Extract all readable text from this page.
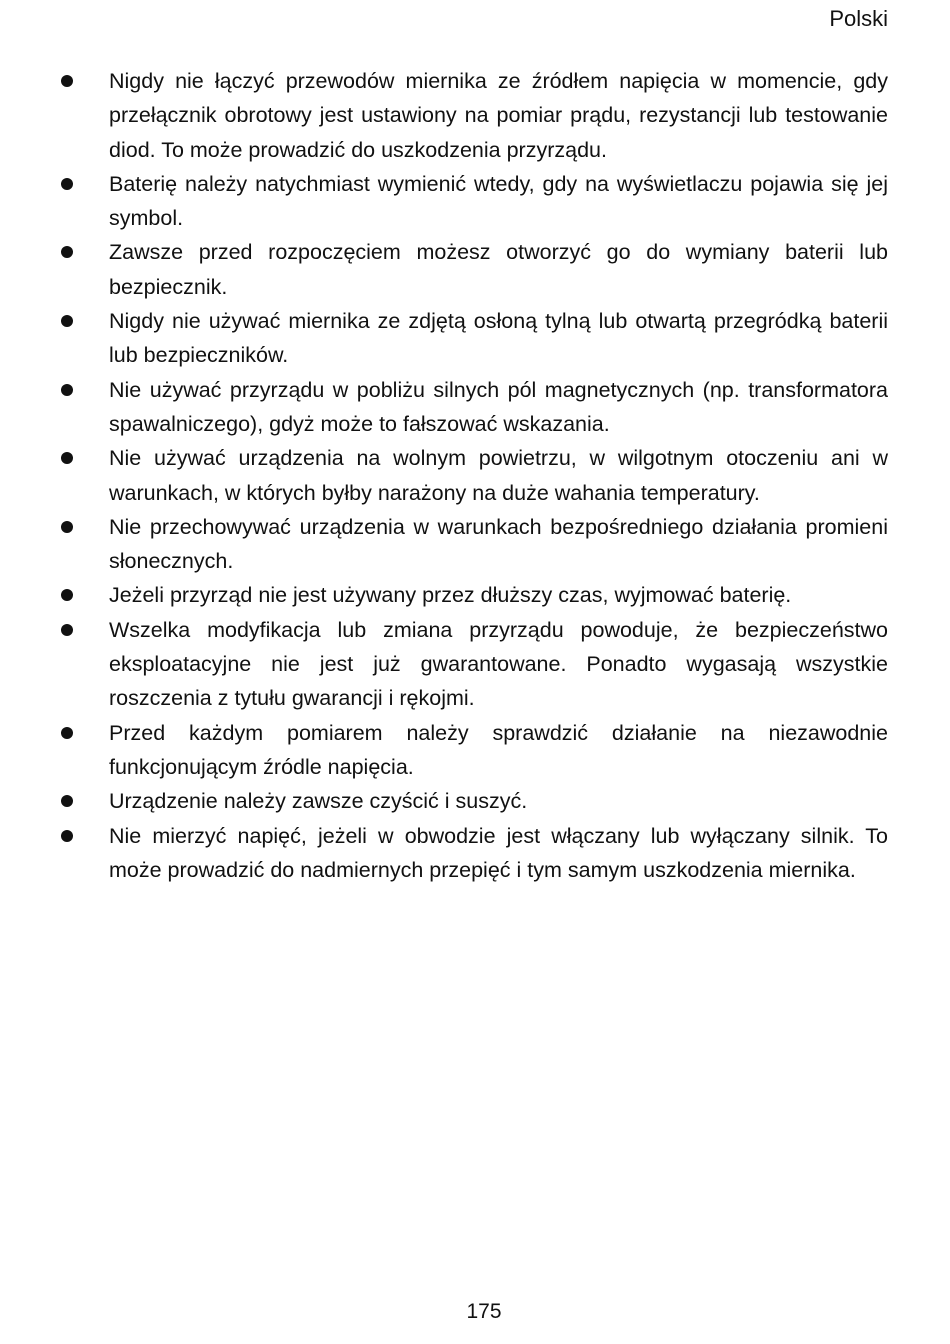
Polski
Nigdy nie łączyć przewodów miernika ze źródłem napięcia w momencie, gdy przełącznik obrotowy jest ustawiony na pomiar prądu, rezystancji lub testowanie diod. To może prowadzić do uszkodzenia przyrządu.
Baterię należy natychmiast wymienić wtedy, gdy na wyświetlaczu pojawia się jej symbol.
Zawsze przed rozpoczęciem możesz otworzyć go do wymiany baterii lub bezpiecznik.
Nigdy nie używać miernika ze zdjętą osłoną tylną lub otwartą przegródką baterii lub bezpieczników.
Nie używać przyrządu w pobliżu silnych pól magnetycznych (np. transformatora spawalniczego), gdyż może to fałszować wskazania.
Nie używać urządzenia na wolnym powietrzu, w wilgotnym otoczeniu ani w warunkach, w których byłby narażony na duże wahania temperatury.
Nie przechowywać urządzenia w warunkach bezpośredniego działania promieni słonecznych.
Jeżeli przyrząd nie jest używany przez dłuższy czas, wyjmować baterię.
Wszelka modyfikacja lub zmiana przyrządu powoduje, że bezpieczeństwo eksploatacyjne nie jest już gwarantowane. Ponadto wygasają wszystkie roszczenia z tytułu gwarancji i rękojmi.
Przed każdym pomiarem należy sprawdzić działanie na niezawodnie funkcjonującym źródle napięcia.
Urządzenie należy zawsze czyścić i suszyć.
Nie mierzyć napięć, jeżeli w obwodzie jest włączany lub wyłączany silnik. To może prowadzić do nadmiernych przepięć i tym samym uszkodzenia miernika.
175
